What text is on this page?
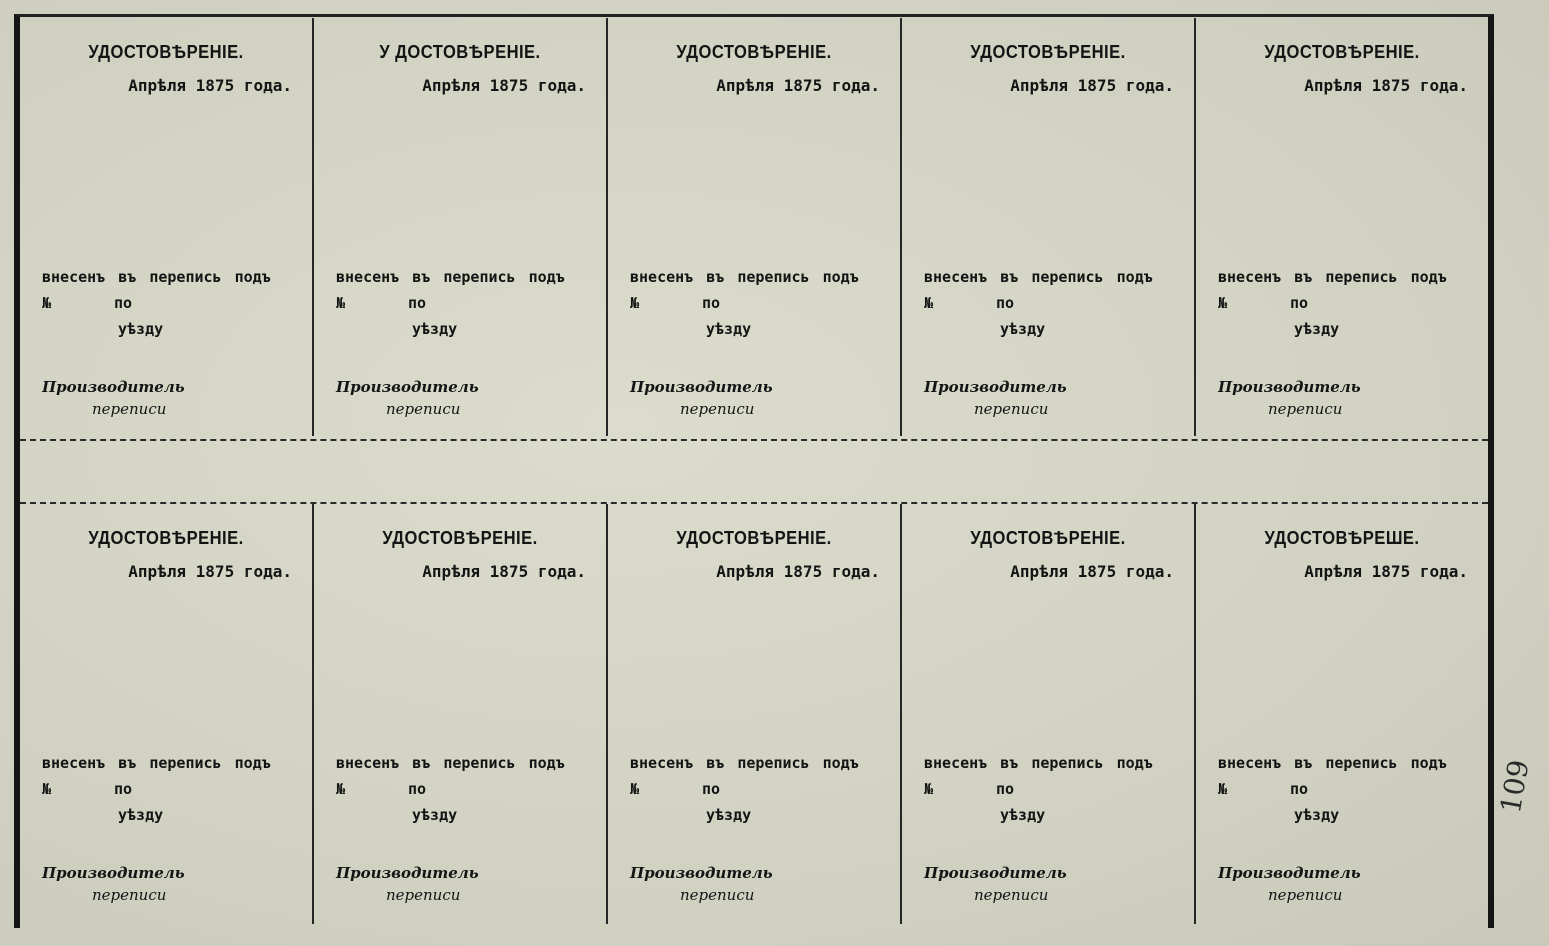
УДОСТОВѢРЕНІЕ.
Апрѣля 1875 года.
внесенъ въ перепись подъ
№	по
уѣзду
Производитель
переписи
У ДОСТОВѢРЕНІЕ.
Апрѣля 1875 года.
внесенъ въ перепись подъ
№	по
уѣзду
Производитель
переписи
УДОСТОВѢРЕНІЕ.
Апрѣля 1875 года.
внесенъ въ перепись подъ
№	по
уѣзду
Производитель
переписи
УДОСТОВѢРЕНІЕ.
Апрѣля 1875 года.
внесенъ въ перепись подъ
№	по
уѣзду
Производитель
переписи
УДОСТОВѢРЕНІЕ.
Апрѣля 1875 года.
внесенъ въ перепись подъ
№	по
уѣзду
Производитель
переписи
УДОСТОВѢРЕНІЕ.
Апрѣля 1875 года.
внесенъ въ перепись подъ
№	по
уѣзду
Производитель
переписи
УДОСТОВѢРЕНІЕ.
Апрѣля 1875 года.
внесенъ въ перепись подъ
№	по
уѣзду
Производитель
переписи
УДОСТОВѢРЕНІЕ.
Апрѣля 1875 года.
внесенъ въ перепись подъ
№	по
уѣзду
Производитель
переписи
УДОСТОВѢРЕНІЕ.
Апрѣля 1875 года.
внесенъ въ перепись подъ
№	по
уѣзду
Производитель
переписи
УДОСТОВѢРЕШЕ.
Апрѣля 1875 года.
внесенъ въ перепись подъ
№	по
уѣзду
Производитель
переписи
109
